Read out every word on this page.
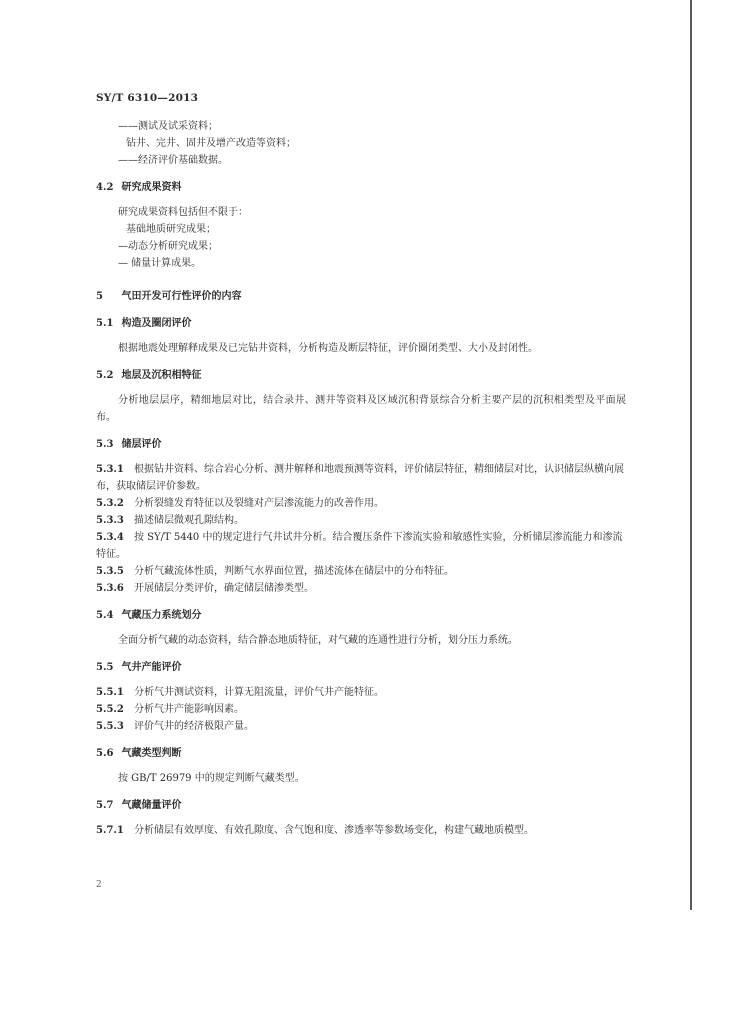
SY/T 6310—2013
——测试及试采资料；
钻井、完井、固井及增产改造等资料；
——经济评价基础数据。
4.2 研究成果资料
研究成果资料包括但不限于：
基础地质研究成果；
—动态分析研究成果；
— 储量计算成果。
5 气田开发可行性评价的内容
5.1 构造及圈闭评价
根据地震处理解释成果及已完钻井资料，分析构造及断层特征，评价圈闭类型、大小及封闭性。
5.2 地层及沉积相特征
分析地层层序，精细地层对比，结合录井、测井等资料及区域沉积背景综合分析主要产层的沉积相类型及平面展布。
5.3 储层评价
5.3.1 根据钻井资料、综合岩心分析、测井解释和地震预测等资料，评价储层特征，精细储层对比，认识储层纵横向展布，获取储层评价参数。
5.3.2 分析裂缝发育特征以及裂缝对产层渗流能力的改善作用。
5.3.3 描述储层微观孔隙结构。
5.3.4 按 SY/T 5440 中的规定进行气井试井分析。结合覆压条件下渗流实验和敏感性实验，分析储层渗流能力和渗流特征。
5.3.5 分析气藏流体性质，判断气水界面位置，描述流体在储层中的分布特征。
5.3.6 开展储层分类评价，确定储层储渗类型。
5.4 气藏压力系统划分
全面分析气藏的动态资料，结合静态地质特征，对气藏的连通性进行分析，划分压力系统。
5.5 气井产能评价
5.5.1 分析气井测试资料，计算无阻流量，评价气井产能特征。
5.5.2 分析气井产能影响因素。
5.5.3 评价气井的经济极限产量。
5.6 气藏类型判断
按 GB/T 26979 中的规定判断气藏类型。
5.7 气藏储量评价
5.7.1 分析储层有效厚度、有效孔隙度、含气饱和度、渗透率等参数场变化，构建气藏地质模型。
2
